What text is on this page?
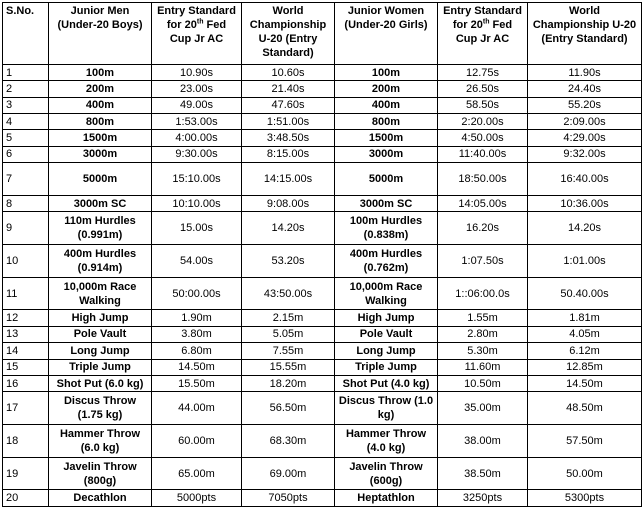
S.No.	Junior Men (Under-20 Boys)	Entry Standard for 20th Fed Cup Jr AC	World Championship U-20 (Entry Standard)	Junior Women (Under-20 Girls)	Entry Standard for 20th Fed Cup Jr AC	World Championship U-20 (Entry Standard)
1	100m	10.90s	10.60s	100m	12.75s	11.90s
2	200m	23.00s	21.40s	200m	26.50s	24.40s
3	400m	49.00s	47.60s	400m	58.50s	55.20s
4	800m	1:53.00s	1:51.00s	800m	2:20.00s	2:09.00s
5	1500m	4:00.00s	3:48.50s	1500m	4:50.00s	4:29.00s
6	3000m	9:30.00s	8:15.00s	3000m	11:40.00s	9:32.00s
7	5000m	15:10.00s	14:15.00s	5000m	18:50.00s	16:40.00s
8	3000m SC	10:10.00s	9:08.00s	3000m SC	14:05.00s	10:36.00s
9	110m Hurdles (0.991m)	15.00s	14.20s	100m Hurdles (0.838m)	16.20s	14.20s
10	400m Hurdles (0.914m)	54.00s	53.20s	400m Hurdles (0.762m)	1:07.50s	1:01.00s
11	10,000m Race Walking	50:00.00s	43:50.00s	10,000m Race Walking	1::06:00.0s	50.40.00s
12	High Jump	1.90m	2.15m	High Jump	1.55m	1.81m
13	Pole Vault	3.80m	5.05m	Pole Vault	2.80m	4.05m
14	Long Jump	6.80m	7.55m	Long Jump	5.30m	6.12m
15	Triple Jump	14.50m	15.55m	Triple Jump	11.60m	12.85m
16	Shot Put (6.0 kg)	15.50m	18.20m	Shot Put (4.0 kg)	10.50m	14.50m
17	Discus Throw (1.75 kg)	44.00m	56.50m	Discus Throw (1.0 kg)	35.00m	48.50m
18	Hammer Throw (6.0 kg)	60.00m	68.30m	Hammer Throw (4.0 kg)	38.00m	57.50m
19	Javelin Throw (800g)	65.00m	69.00m	Javelin Throw (600g)	38.50m	50.00m
20	Decathlon	5000pts	7050pts	Heptathlon	3250pts	5300pts
